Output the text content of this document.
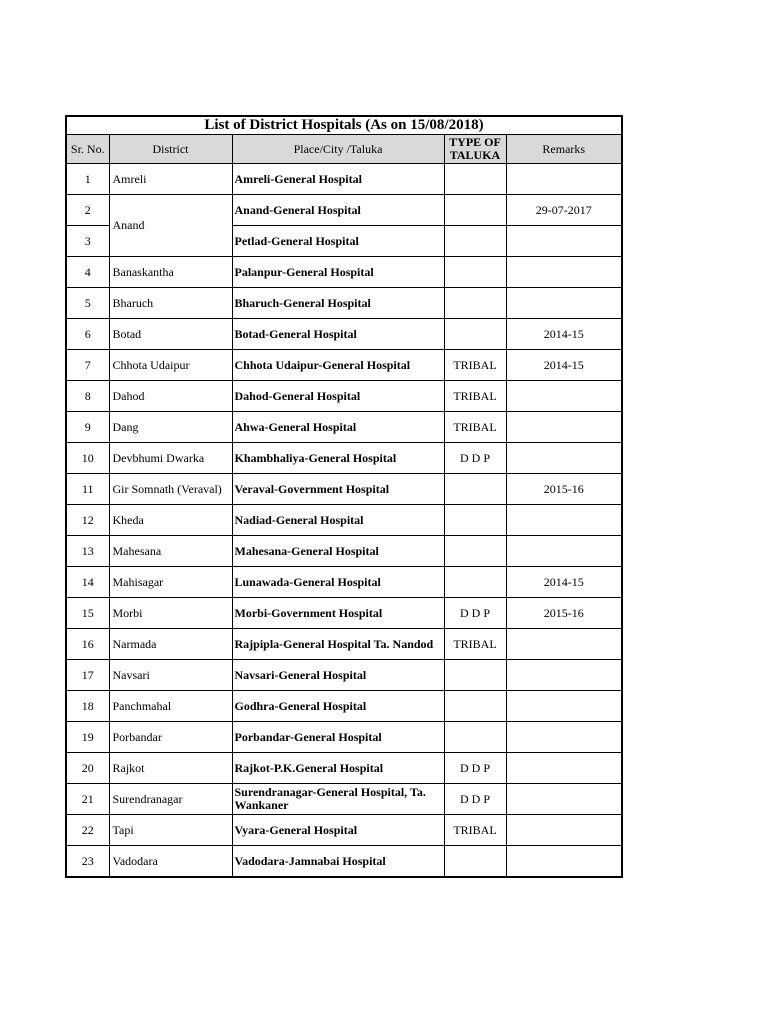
List of District Hospitals (As on 15/08/2018)				
Sr. No.	District	Place/City /Taluka	TYPE OF TALUKA	Remarks
1	Amreli	Amreli-General Hospital		
2	Anand	Anand-General Hospital		29-07-2017
3		Petlad-General Hospital		
4	Banaskantha	Palanpur-General Hospital		
5	Bharuch	Bharuch-General Hospital		
6	Botad	Botad-General Hospital		2014-15
7	Chhota Udaipur	Chhota Udaipur-General Hospital	TRIBAL	2014-15
8	Dahod	Dahod-General Hospital	TRIBAL	
9	Dang	Ahwa-General Hospital	TRIBAL	
10	Devbhumi Dwarka	Khambhaliya-General Hospital	D D P	
11	Gir Somnath (Veraval)	Veraval-Government Hospital		2015-16
12	Kheda	Nadiad-General Hospital		
13	Mahesana	Mahesana-General Hospital		
14	Mahisagar	Lunawada-General Hospital		2014-15
15	Morbi	Morbi-Government Hospital	D D P	2015-16
16	Narmada	Rajpipla-General Hospital Ta. Nandod	TRIBAL	
17	Navsari	Navsari-General Hospital		
18	Panchmahal	Godhra-General Hospital		
19	Porbandar	Porbandar-General Hospital		
20	Rajkot	Rajkot-P.K.General Hospital	D D P	
21	Surendranagar	Surendranagar-General Hospital, Ta. Wankaner	D D P	
22	Tapi	Vyara-General Hospital	TRIBAL	
23	Vadodara	Vadodara-Jamnabai Hospital		
